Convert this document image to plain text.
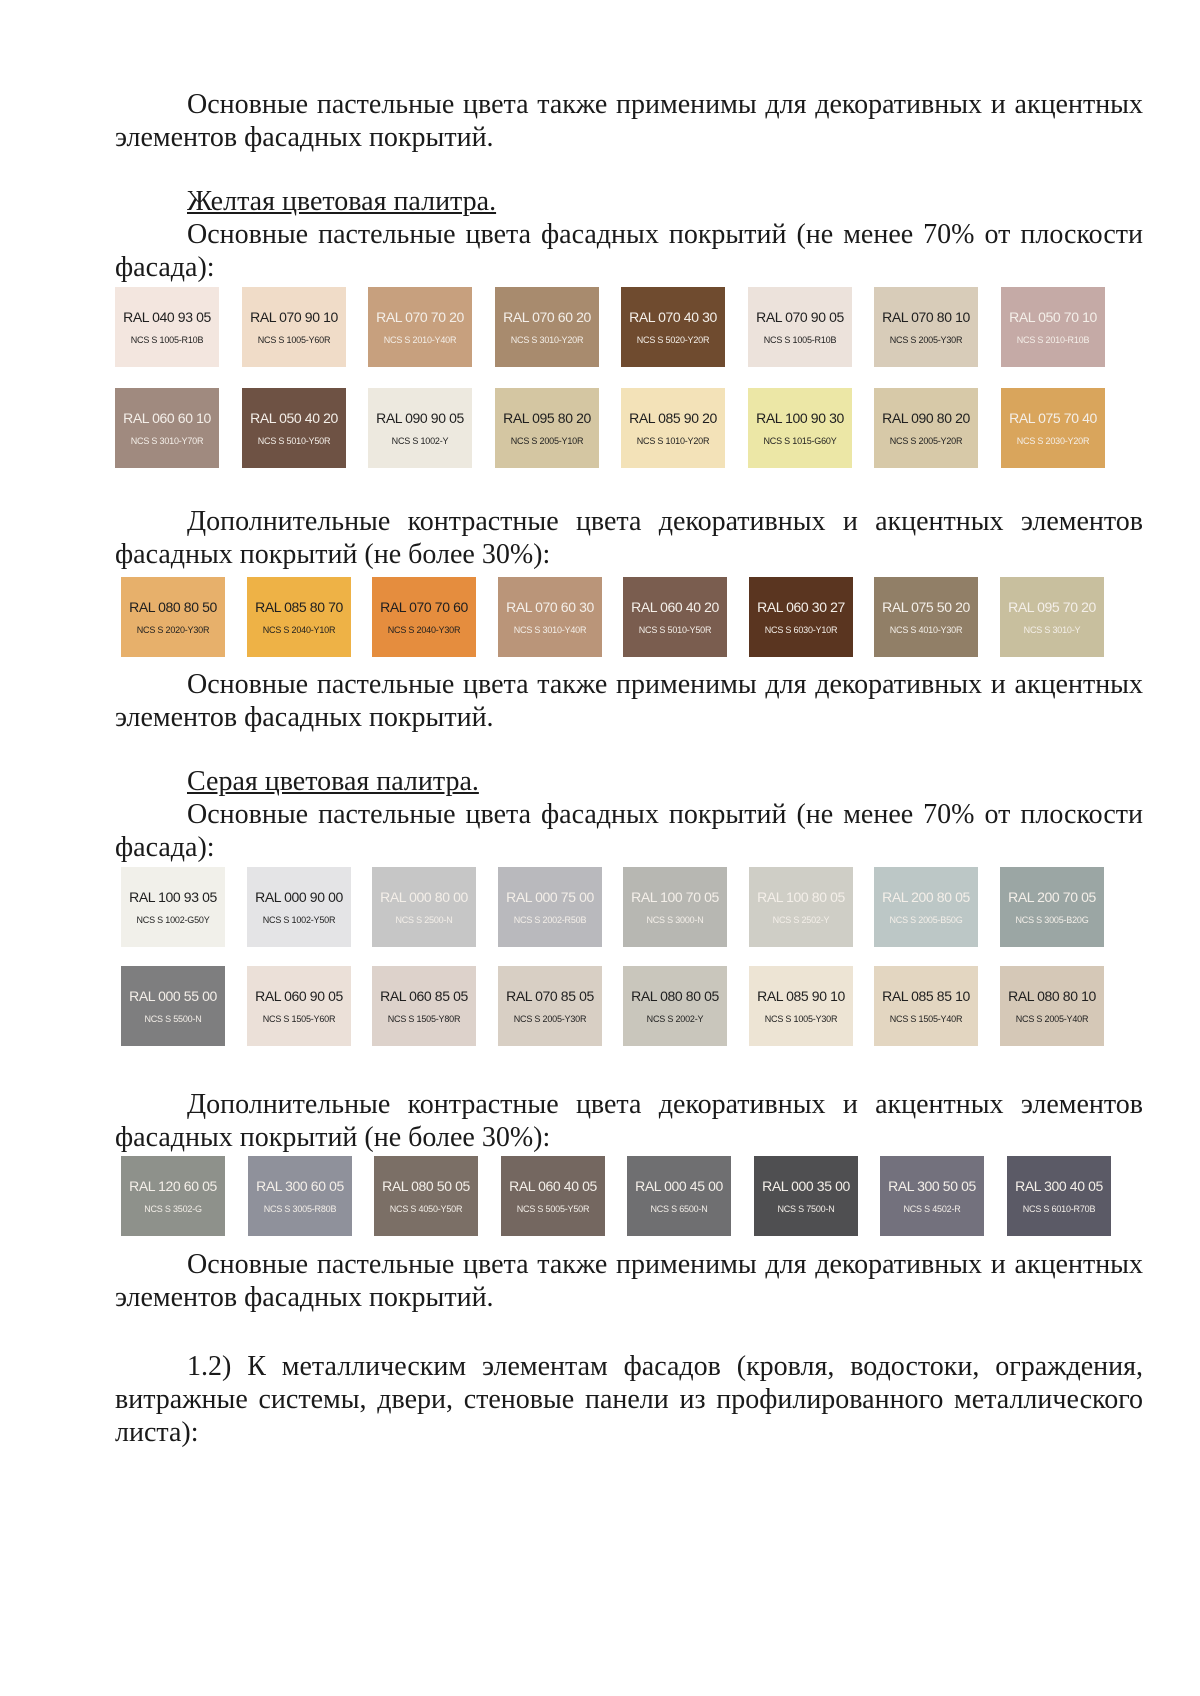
Основные пастельные цвета также применимы для декоративных и акцентных
элементов фасадных покрытий.

Желтая цветовая палитра.

Основные пастельные цвета фасадных покрытий (не менее 70% от плоскости
фасада):

RAL 040 93 05
NCS S 1005-R10B
RAL 070 90 10
NCS S 1005-Y60R
RAL 070 70 20
NCS S 2010-Y40R
RAL 070 60 20
NCS S 3010-Y20R
RAL 070 40 30
NCS S 5020-Y20R
RAL 070 90 05
NCS S 1005-R10B
RAL 070 80 10
NCS S 2005-Y30R
RAL 050 70 10
NCS S 2010-R10B
RAL 060 60 10
NCS S 3010-Y70R
RAL 050 40 20
NCS S 5010-Y50R
RAL 090 90 05
NCS S 1002-Y
RAL 095 80 20
NCS S 2005-Y10R
RAL 085 90 20
NCS S 1010-Y20R
RAL 100 90 30
NCS S 1015-G60Y
RAL 090 80 20
NCS S 2005-Y20R
RAL 075 70 40
NCS S 2030-Y20R

Дополнительные контрастные цвета декоративных и акцентных элементов
фасадных покрытий (не более 30%):

RAL 080 80 50
NCS S 2020-Y30R
RAL 085 80 70
NCS S 2040-Y10R
RAL 070 70 60
NCS S 2040-Y30R
RAL 070 60 30
NCS S 3010-Y40R
RAL 060 40 20
NCS S 5010-Y50R
RAL 060 30 27
NCS S 6030-Y10R
RAL 075 50 20
NCS S 4010-Y30R
RAL 095 70 20
NCS S 3010-Y

Основные пастельные цвета также применимы для декоративных и акцентных
элементов фасадных покрытий.

Серая цветовая палитра.

Основные пастельные цвета фасадных покрытий (не менее 70% от плоскости
фасада):

RAL 100 93 05
NCS S 1002-G50Y
RAL 000 90 00
NCS S 1002-Y50R
RAL 000 80 00
NCS S 2500-N
RAL 000 75 00
NCS S 2002-R50B
RAL 100 70 05
NCS S 3000-N
RAL 100 80 05
NCS S 2502-Y
RAL 200 80 05
NCS S 2005-B50G
RAL 200 70 05
NCS S 3005-B20G
RAL 000 55 00
NCS S 5500-N
RAL 060 90 05
NCS S 1505-Y60R
RAL 060 85 05
NCS S 1505-Y80R
RAL 070 85 05
NCS S 2005-Y30R
RAL 080 80 05
NCS S 2002-Y
RAL 085 90 10
NCS S 1005-Y30R
RAL 085 85 10
NCS S 1505-Y40R
RAL 080 80 10
NCS S 2005-Y40R

Дополнительные контрастные цвета декоративных и акцентных элементов
фасадных покрытий (не более 30%):

RAL 120 60 05
NCS S 3502-G
RAL 300 60 05
NCS S 3005-R80B
RAL 080 50 05
NCS S 4050-Y50R
RAL 060 40 05
NCS S 5005-Y50R
RAL 000 45 00
NCS S 6500-N
RAL 000 35 00
NCS S 7500-N
RAL 300 50 05
NCS S 4502-R
RAL 300 40 05
NCS S 6010-R70B

Основные пастельные цвета также применимы для декоративных и акцентных
элементов фасадных покрытий.

1.2) К металлическим элементам фасадов (кровля, водостоки, ограждения,
витражные системы, двери, стеновые панели из профилированного металлического
листа):
